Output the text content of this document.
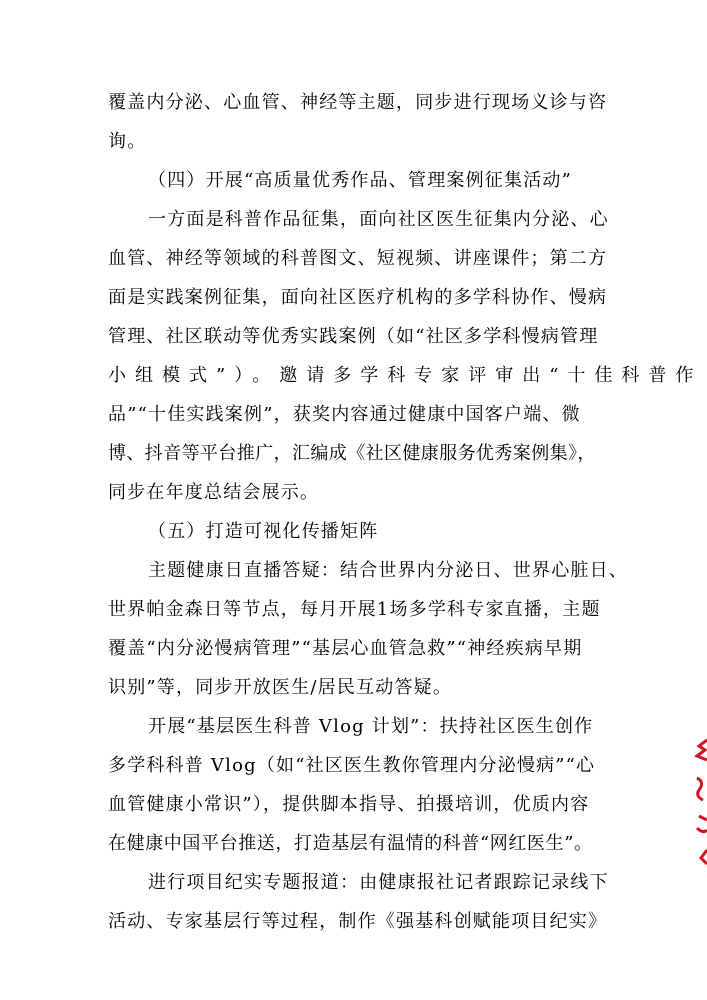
覆盖内分泌、心血管、神经等主题，同步进行现场义诊与咨
询。
（四）开展“高质量优秀作品、管理案例征集活动”
一方面是科普作品征集，面向社区医生征集内分泌、心
血管、神经等领域的科普图文、短视频、讲座课件；第二方
面是实践案例征集，面向社区医疗机构的多学科协作、慢病
管理、社区联动等优秀实践案例（如“社区多学科慢病管理
小组模式”）。邀请多学科专家评审出“十佳科普作
品”“十佳实践案例”，获奖内容通过健康中国客户端、微
博、抖音等平台推广，汇编成《社区健康服务优秀案例集》，
同步在年度总结会展示。
（五）打造可视化传播矩阵
主题健康日直播答疑：结合世界内分泌日、世界心脏日、
世界帕金森日等节点，每月开展1场多学科专家直播，主题
覆盖“内分泌慢病管理”“基层心血管急救”“神经疾病早期
识别”等，同步开放医生/居民互动答疑。
开展“基层医生科普 Vlog 计划”：扶持社区医生创作
多学科科普 Vlog（如“社区医生教你管理内分泌慢病”“心
血管健康小常识”），提供脚本指导、拍摄培训，优质内容
在健康中国平台推送，打造基层有温情的科普“网红医生”。
进行项目纪实专题报道：由健康报社记者跟踪记录线下
活动、专家基层行等过程，制作《强基科创赋能项目纪实》
